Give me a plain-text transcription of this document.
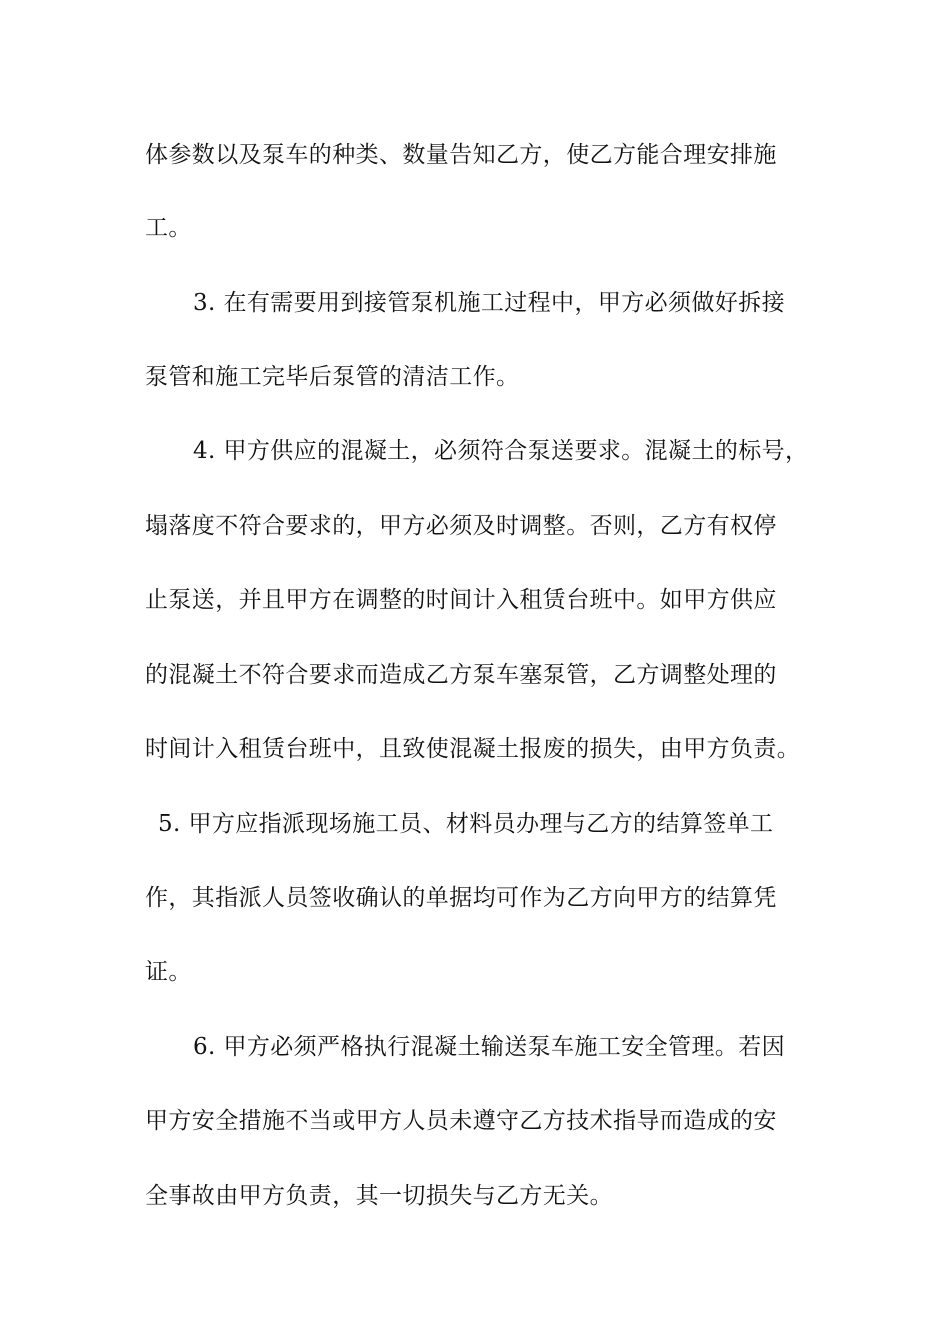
体参数以及泵车的种类、数量告知乙方，使乙方能合理安排施
工。
3. 在有需要用到接管泵机施工过程中，甲方必须做好拆接
泵管和施工完毕后泵管的清洁工作。
4. 甲方供应的混凝土，必须符合泵送要求。混凝土的标号，
塌落度不符合要求的，甲方必须及时调整。否则，乙方有权停
止泵送，并且甲方在调整的时间计入租赁台班中。如甲方供应
的混凝土不符合要求而造成乙方泵车塞泵管，乙方调整处理的
时间计入租赁台班中，且致使混凝土报废的损失，由甲方负责。
5. 甲方应指派现场施工员、材料员办理与乙方的结算签单工
作，其指派人员签收确认的单据均可作为乙方向甲方的结算凭
证。
6. 甲方必须严格执行混凝土输送泵车施工安全管理。若因
甲方安全措施不当或甲方人员未遵守乙方技术指导而造成的安
全事故由甲方负责，其一切损失与乙方无关。
